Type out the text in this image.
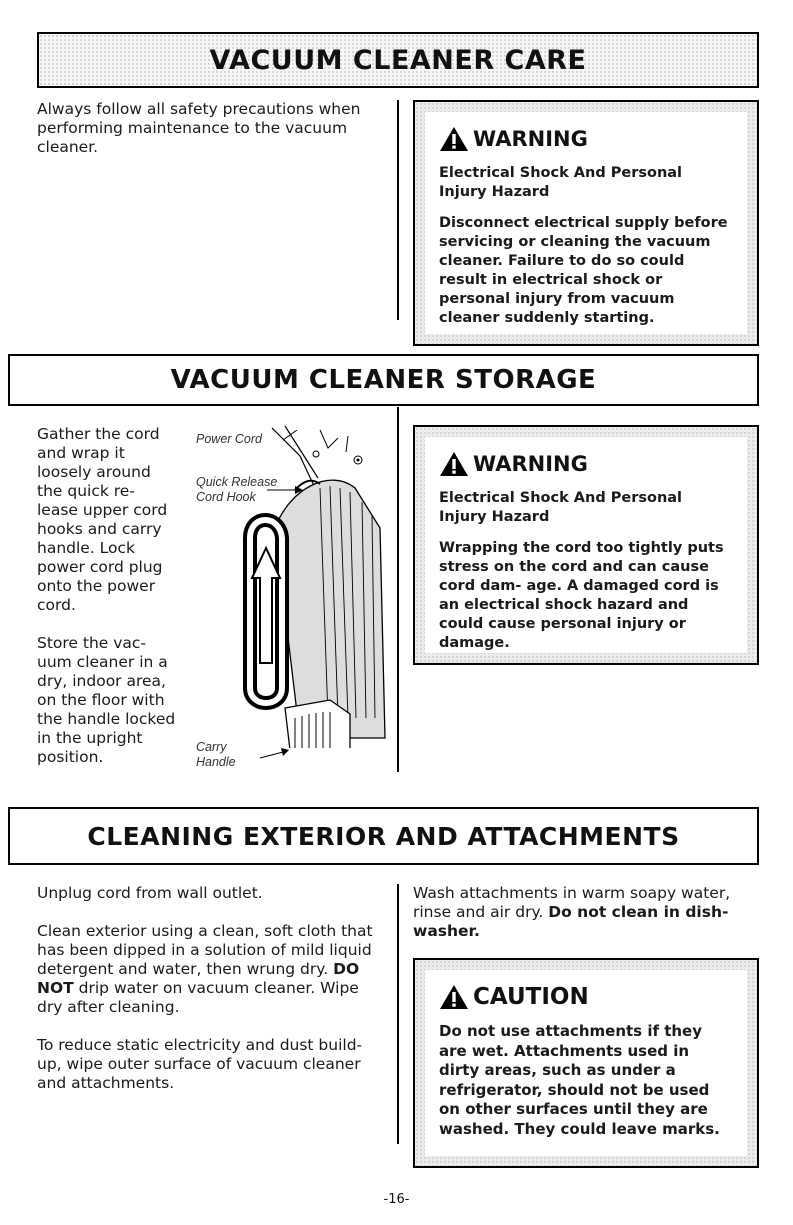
VACUUM CLEANER CARE

Always follow all safety precautions when performing maintenance to the vacuum cleaner.	WARNING
Electrical Shock And Personal Injury Hazard
Disconnect electrical supply before servicing or cleaning the vacuum cleaner. Failure to do so could result in electrical shock or personal injury from vacuum cleaner suddenly starting.
VACUUM CLEANER STORAGE

Gather the cord and wrap it loosely around the quick re- lease upper cord hooks and carry handle. Lock power cord plug onto the power cord.

Store the vac- uum cleaner in a dry, indoor area, on the floor with the handle locked in the upright position.

Power Cord
Quick Release
Cord Hook
Carry
Handle
WARNING
Electrical Shock And Personal Injury Hazard
Wrapping the cord too tightly puts stress on the cord and can cause cord dam- age. A damaged cord is an electrical shock hazard and could cause personal injury or damage.
CLEANING EXTERIOR AND ATTACHMENTS

Unplug cord from wall outlet.

Clean exterior using a clean, soft cloth that has been dipped in a solution of mild liquid detergent and water, then wrung dry. DO NOT drip water on vacuum cleaner. Wipe dry after cleaning.

To reduce static electricity and dust build- up, wipe outer surface of vacuum cleaner and attachments.

Wash attachments in warm soapy water, rinse and air dry. Do not clean in dish- washer.

CAUTION
Do not use attachments if they are wet. Attachments used in dirty areas, such as under a refrigerator, should not be used on other surfaces until they are washed. They could leave marks.
-16-
